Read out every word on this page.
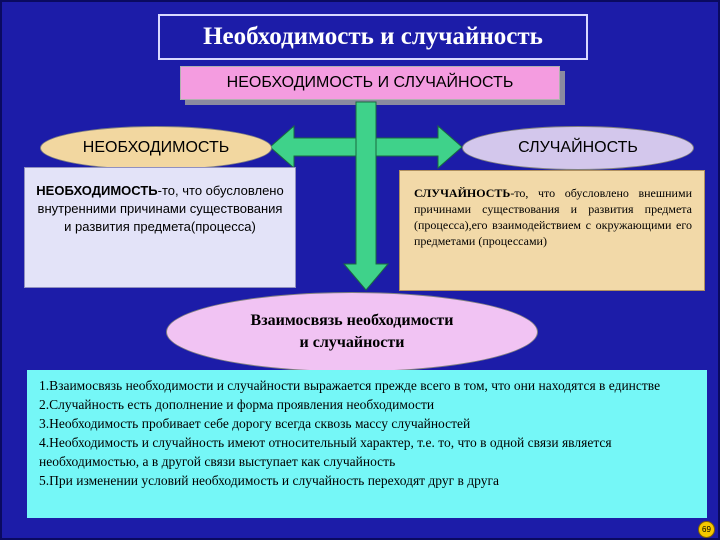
Необходимость и случайность
НЕОБХОДИМОСТЬ И СЛУЧАЙНОСТЬ
НЕОБХОДИМОСТЬ	СЛУЧАЙНОСТЬ
НЕОБХОДИМОСТЬ-то, что обусловлено внутренними причинами существования и развития предмета(процесса)
СЛУЧАЙНОСТЬ-то, что обусловлено внешними причинами существования и развития предмета (процесса),его взаимодействием с окружающими его предметами (процессами)
Взаимосвязь необходимости
и случайности

1.Взаимосвязь необходимости и случайности выражается прежде всего в том, что они находятся в единстве

2.Случайность есть дополнение и форма проявления необходимости

3.Необходимость пробивает себе дорогу всегда сквозь массу случайностей

4.Необходимость и случайность имеют относительный характер, т.е. то, что в одной связи является необходимостью, а в другой связи выступает как случайность

5.При изменении условий необходимость и случайность переходят друг в друга

69
